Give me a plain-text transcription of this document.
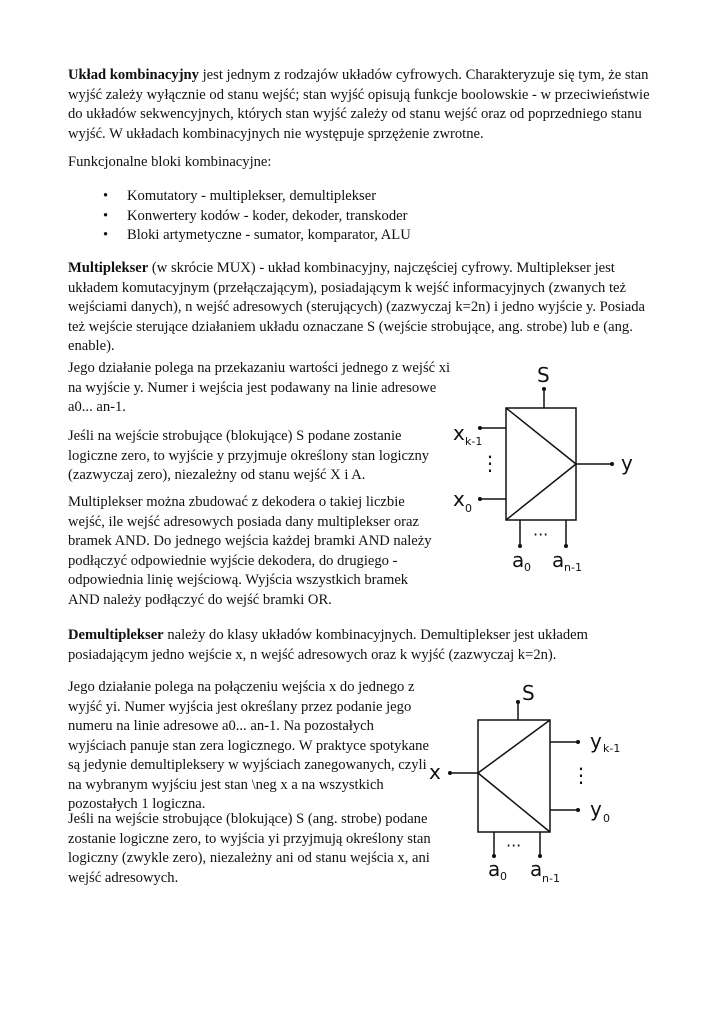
Układ kombinacyjny jest jednym z rodzajów układów cyfrowych. Charakteryzuje się tym, że stan wyjść zależy wyłącznie od stanu wejść; stan wyjść opisują funkcje boolowskie - w przeciwieństwie do układów sekwencyjnych, których stan wyjść zależy od stanu wejść oraz od poprzedniego stanu wyjść. W układach kombinacyjnych nie występuje sprzężenie zwrotne.

Funkcjonalne bloki kombinacyjne:

• Komutatory - multiplekser, demultiplekser
• Konwertery kodów - koder, dekoder, transkoder
• Bloki artymetyczne - sumator, komparator, ALU

Multiplekser (w skrócie MUX) - układ kombinacyjny, najczęściej cyfrowy. Multiplekser jest układem komutacyjnym (przełączającym), posiadającym k wejść informacyjnych (zwanych też wejściami danych), n wejść adresowych (sterujących) (zazwyczaj k=2n) i jedno wyjście y. Posiada też wejście sterujące działaniem układu oznaczane S (wejście strobujące, ang. strobe) lub e (ang. enable).

Jego działanie polega na przekazaniu wartości jednego z wejść xi na wyjście y. Numer i wejścia jest podawany na linie adresowe a0... an-1.

Jeśli na wejście strobujące (blokujące) S podane zostanie logiczne zero, to wyjście y przyjmuje określony stan logiczny (zazwyczaj zero), niezależny od stanu wejść X i A.

Multiplekser można zbudować z dekodera o takiej liczbie wejść, ile wejść adresowych posiada dany multiplekser oraz bramek AND. Do jednego wejścia każdej bramki AND należy podłączyć odpowiednie wyjście dekodera, do drugiego - odpowiednia linię wejściową. Wyjścia wszystkich bramek AND należy podłączyć do wejść bramki OR.

S
x k-1
⋮
x 0
y
···
a 0 a n-1

Demultiplekser należy do klasy układów kombinacyjnych. Demultiplekser jest układem posiadającym jedno wejście x, n wejść adresowych oraz k wyjść (zazwyczaj k=2n).

Jego działanie polega na połączeniu wejścia x do jednego z wyjść yi. Numer wyjścia jest określany przez podanie jego numeru na linie adresowe a0... an-1. Na pozostałych wyjściach panuje stan zera logicznego. W praktyce spotykane są jedynie demultipleksery w wyjściach zanegowanych, czyli na wybranym wyjściu jest stan \neg x a na wszystkich pozostałych 1 logiczna.

Jeśli na wejście strobujące (blokujące) S (ang. strobe) podane zostanie logiczne zero, to wyjścia yi przyjmują określony stan logiczny (zwykle zero), niezależny ani od stanu wejścia x, ani wejść adresowych.

S
x
y k-1
⋮
y 0
···
a 0 a n-1
